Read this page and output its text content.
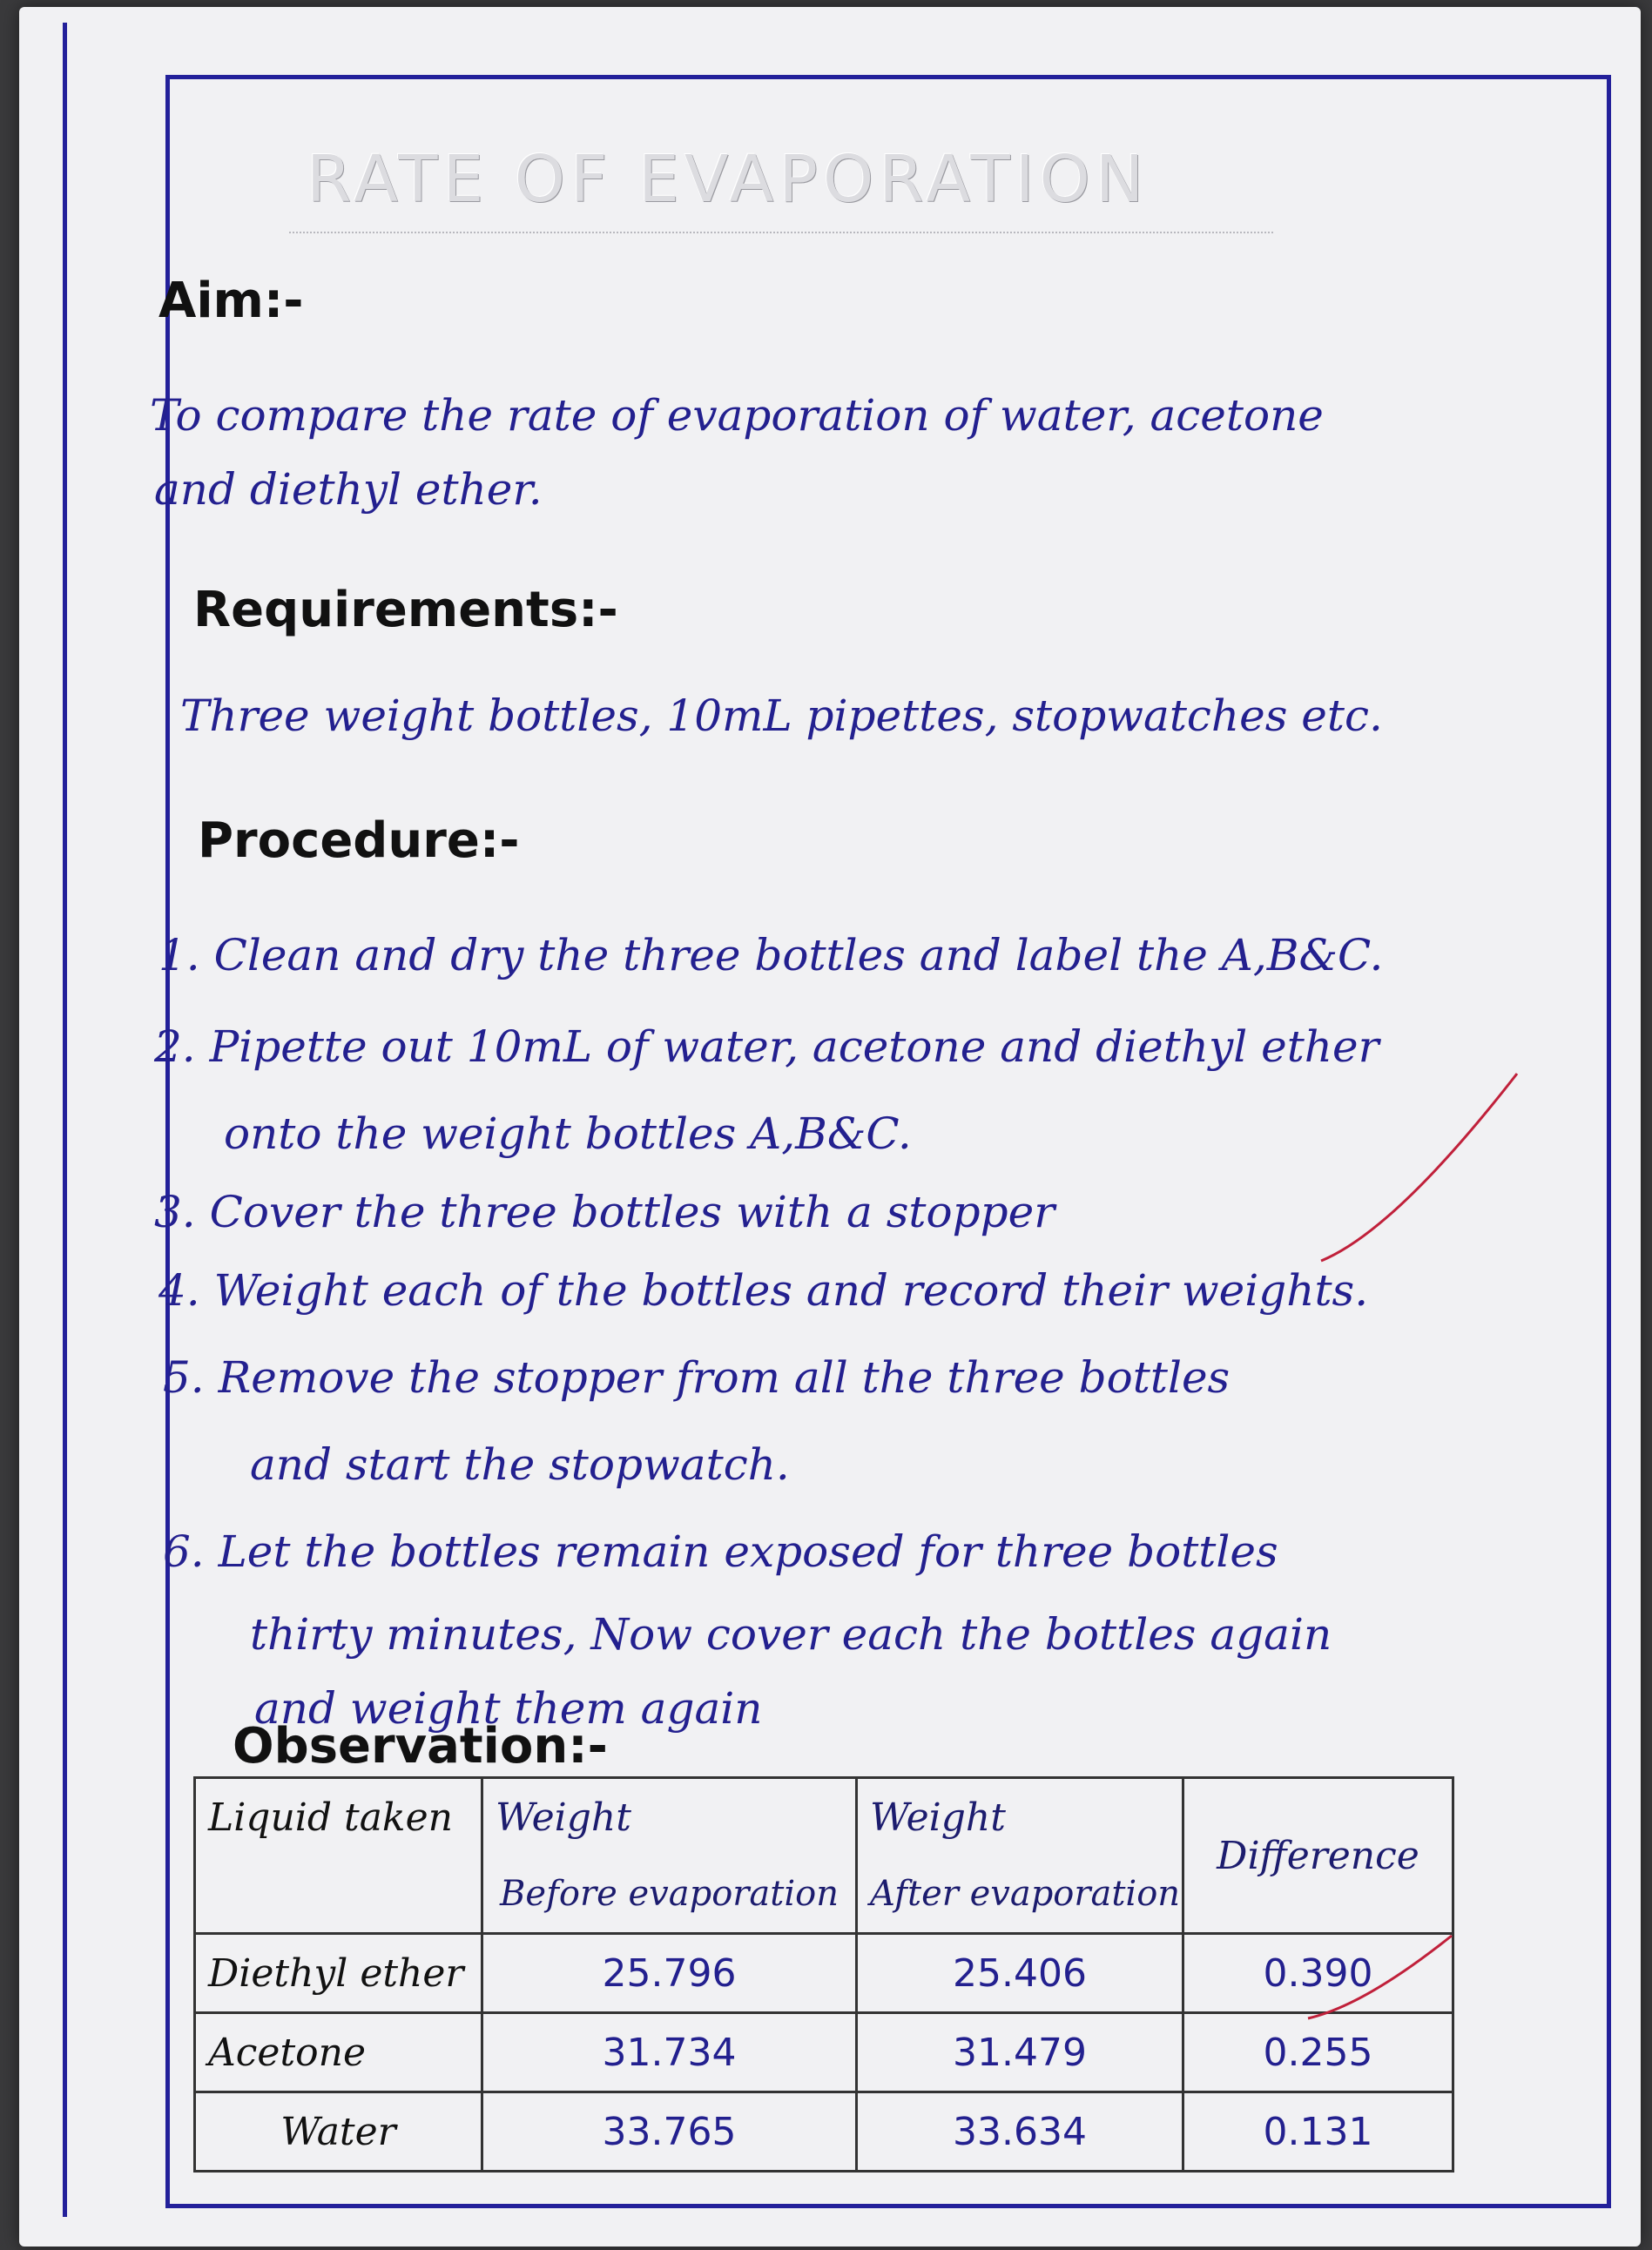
RATE OF EVAPORATION
Aim:-
To compare the rate of evaporation of water, acetone
and diethyl ether.
Requirements:-
Three weight bottles, 10mL pipettes, stopwatches etc.
Procedure:-
1. Clean and dry the three bottles and label the A,B&C.
2. Pipette out 10mL of water, acetone and diethyl ether
onto the weight bottles A,B&C.
3. Cover the three bottles with a stopper
4. Weight each of the bottles and record their weights.
5. Remove the stopper from all the three bottles
and start the stopwatch.
6. Let the bottles remain exposed for three bottles
thirty minutes, Now cover each the bottles again
and weight them again
Observation:-
Liquid taken	Weight	Weight	Difference
	Before evaporation	After evaporation	
Diethyl ether	25.796	25.406	0.390
Acetone	31.734	31.479	0.255
Water	33.765	33.634	0.131
